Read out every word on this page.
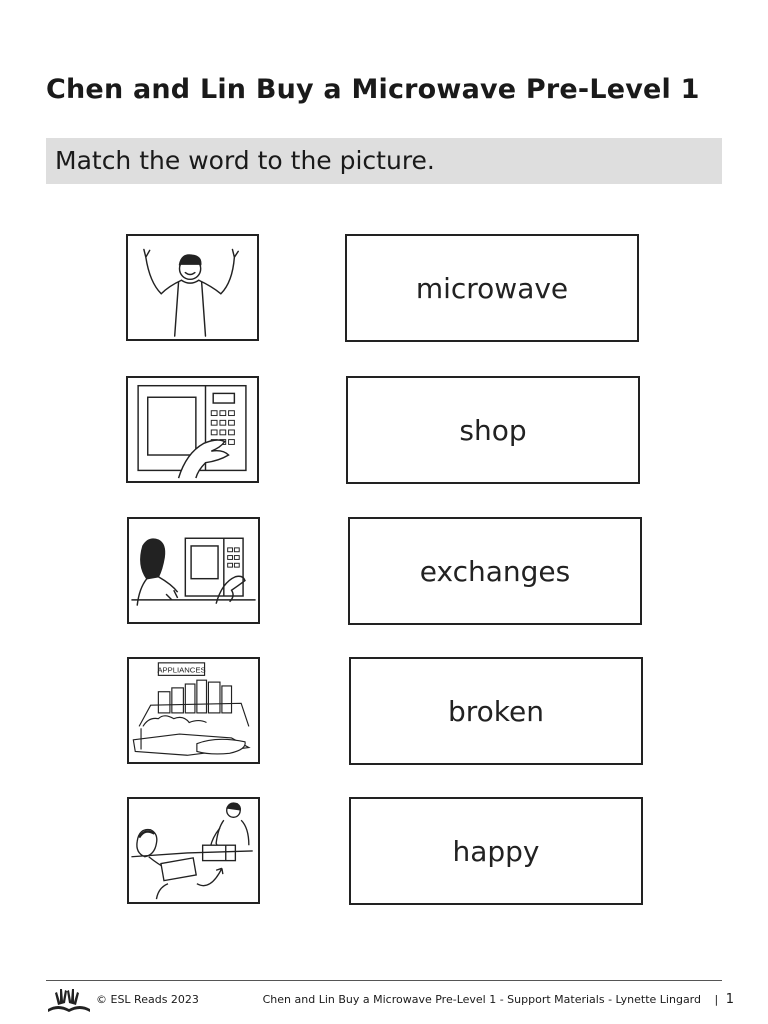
Chen and Lin Buy a Microwave Pre-Level 1
Match the word to the picture.
microwave
shop
exchanges
APPLIANCES
broken
happy
© ESL Reads 2023	Chen and Lin Buy a Microwave Pre-Level 1 - Support Materials - Lynette Lingard | 1
